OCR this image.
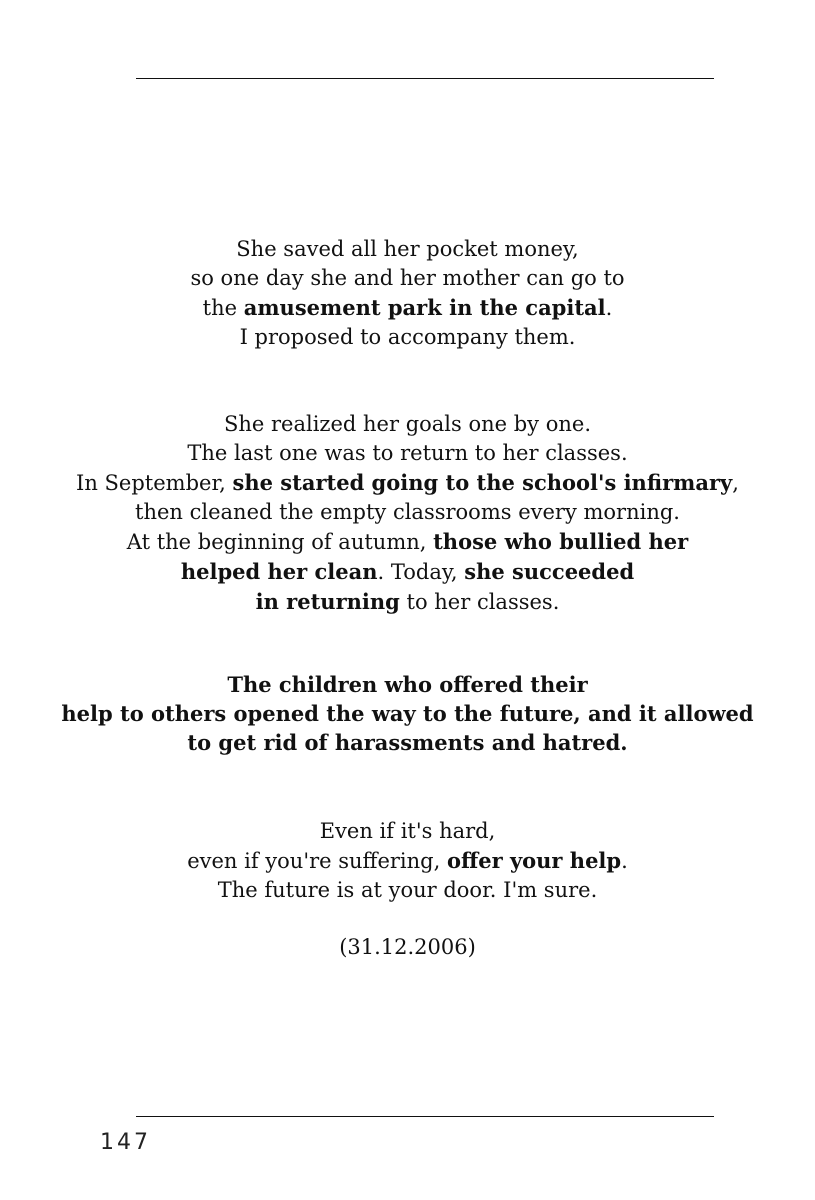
She saved all her pocket money,
so one day she and her mother can go to
the amusement park in the capital.
I proposed to accompany them.
She realized her goals one by one.
The last one was to return to her classes.
In September, she started going to the school's infirmary,
then cleaned the empty classrooms every morning.
At the beginning of autumn, those who bullied her
helped her clean. Today, she succeeded
in returning to her classes.
The children who offered their
help to others opened the way to the future, and it allowed
to get rid of harassments and hatred.
Even if it's hard,
even if you're suffering, offer your help.
The future is at your door. I'm sure.
(31.12.2006)
147
